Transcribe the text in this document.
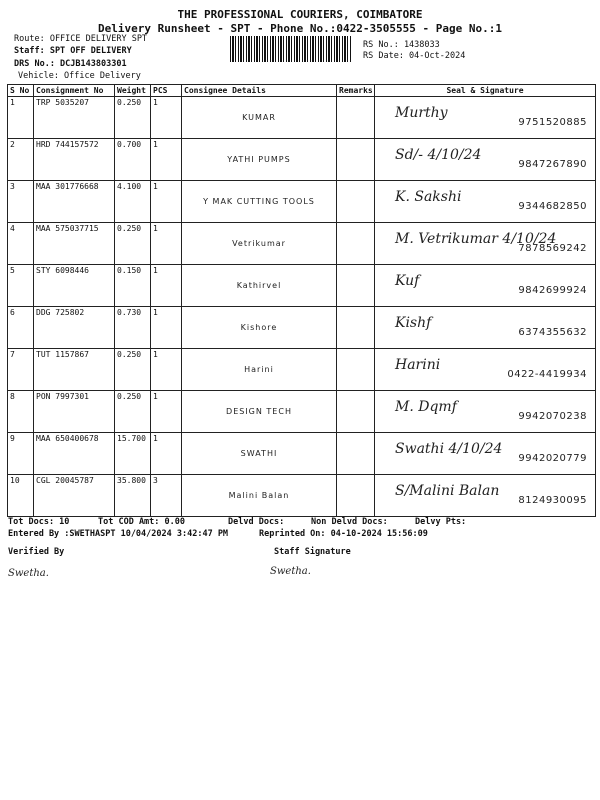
THE PROFESSIONAL COURIERS, COIMBATORE
Delivery Runsheet - SPT - Phone No.:0422-3505555 - Page No.:1
Route: OFFICE DELIVERY SPT
Staff: SPT OFF DELIVERY
DRS No.: DCJB143803301
Vehicle: Office Delivery
RS No.: 1438033
RS Date: 04-Oct-2024
S No	Consignment No	Weight	PCS	Consignee Details	Remarks	Seal & Signature
1	TRP 5035207	0.250	1	KUMAR		Murthy
9751520885

2	HRD 744157572	0.700	1	YATHI PUMPS		Sd/- 4/10/24
9847267890

3	MAA 301776668	4.100	1	Y MAK CUTTING TOOLS		K. Sakshi
9344682850

4	MAA 575037715	0.250	1	Vetrikumar		M. Vetrikumar 4/10/24
7878569242

5	STY 6098446	0.150	1	Kathirvel		Kuf
9842699924

6	DDG 725802	0.730	1	Kishore		Kishf
6374355632

7	TUT 1157867	0.250	1	Harini		Harini
0422-4419934

8	PON 7997301	0.250	1	DESIGN TECH		M. Dqmf
9942070238

9	MAA 650400678	15.700	1	SWATHI		Swathi 4/10/24
9942020779

10	CGL 20045787	35.800	3	Malini Balan		S/Malini Balan
8124930095
Tot Docs: 10	Tot COD Amt: 0.00	Delvd Docs:	Non Delvd Docs:	Delvy Pts:
Entered By :SWETHASPT 10/04/2024 3:42:47 PM	Reprinted On: 04-10-2024 15:56:09
Verified By	Staff Signature
Swetha.	Swetha.
